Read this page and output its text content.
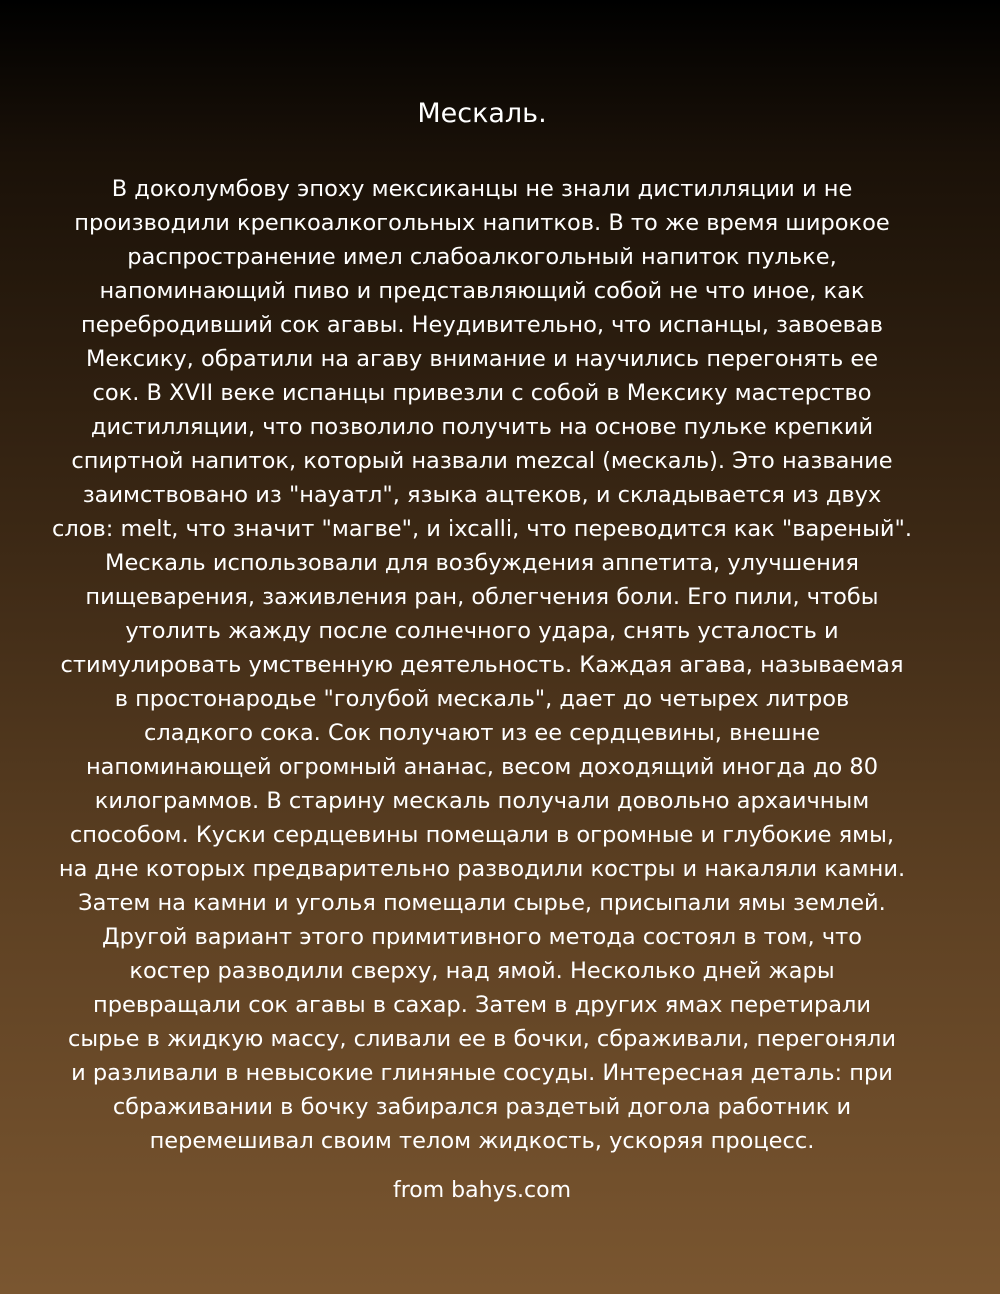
Мескаль.

В доколумбову эпоху мексиканцы не знали дистилляции и не
производили крепкоалкогольных напитков. В то же время широкое
распространение имел слабоалкогольный напиток пульке,
напоминающий пиво и представляющий собой не что иное, как
перебродивший сок агавы. Неудивительно, что испанцы, завоевав
Мексику, обратили на агаву внимание и научились перегонять ее
сок. В XVII веке испанцы привезли с собой в Мексику мастерство
дистилляции, что позволило получить на основе пульке крепкий
спиртной напиток, который назвали mezcal (мескаль). Это название
заимствовано из "науатл", языка ацтеков, и складывается из двух
слов: melt, что значит "магве", и ixcalli, что переводится как "вареный".
Мескаль использовали для возбуждения аппетита, улучшения
пищеварения, заживления ран, облегчения боли. Его пили, чтобы
утолить жажду после солнечного удара, снять усталость и
стимулировать умственную деятельность. Каждая агава, называемая
в простонародье "голубой мескаль", дает до четырех литров
сладкого сока. Сок получают из ее сердцевины, внешне
напоминающей огромный ананас, весом доходящий иногда до 80
килограммов. В старину мескаль получали довольно архаичным
способом. Куски сердцевины помещали в огромные и глубокие ямы,
на дне которых предварительно разводили костры и накаляли камни.
Затем на камни и уголья помещали сырье, присыпали ямы землей.
Другой вариант этого примитивного метода состоял в том, что
костер разводили сверху, над ямой. Несколько дней жары
превращали сок агавы в сахар. Затем в других ямах перетирали
сырье в жидкую массу, сливали ее в бочки, сбраживали, перегоняли
и разливали в невысокие глиняные сосуды. Интересная деталь: при
сбраживании в бочку забирался раздетый догола работник и
перемешивал своим телом жидкость, ускоряя процесс.

from bahys.com
